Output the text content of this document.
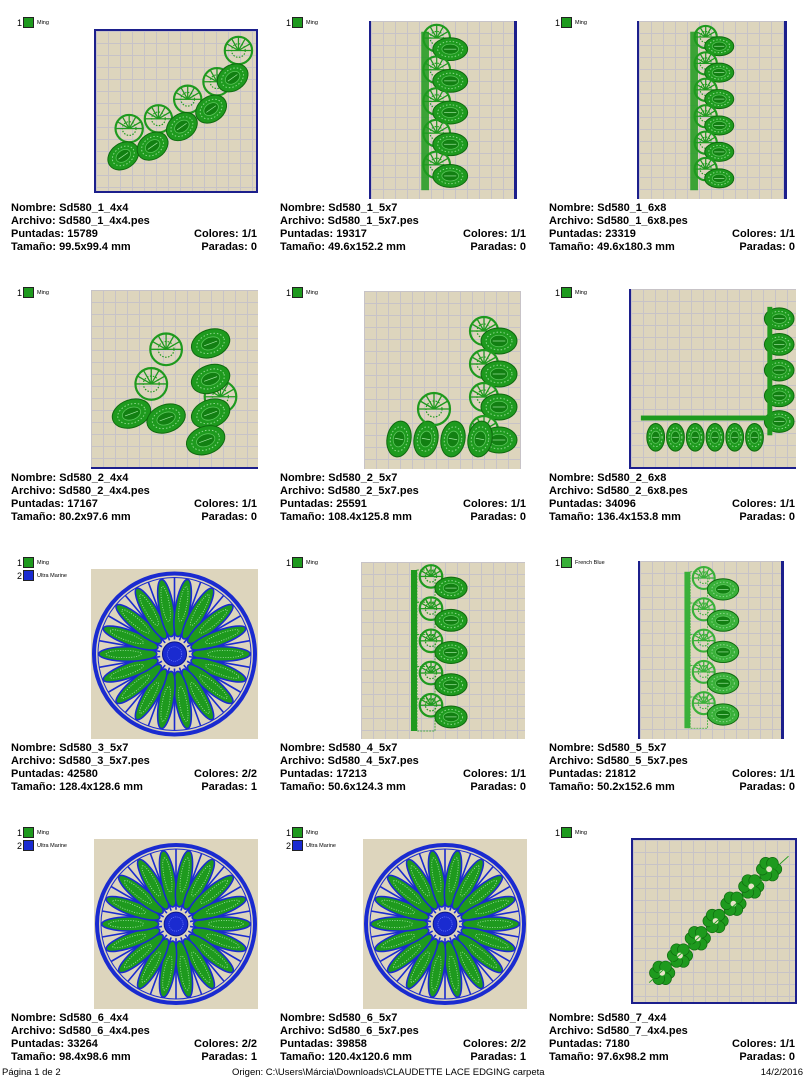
1	Ming
Nombre: Sd580_1_4x4
Archivo: Sd580_1_4x4.pes
Puntadas: 15789	Colores: 1/1
Tamaño: 99.5x99.4 mm	Paradas: 0
1	Ming
Nombre: Sd580_1_5x7
Archivo: Sd580_1_5x7.pes
Puntadas: 19317	Colores: 1/1
Tamaño: 49.6x152.2 mm	Paradas: 0
1	Ming
Nombre: Sd580_1_6x8
Archivo: Sd580_1_6x8.pes
Puntadas: 23319	Colores: 1/1
Tamaño: 49.6x180.3 mm	Paradas: 0
1	Ming
Nombre: Sd580_2_4x4
Archivo: Sd580_2_4x4.pes
Puntadas: 17167	Colores: 1/1
Tamaño: 80.2x97.6 mm	Paradas: 0
1	Ming
Nombre: Sd580_2_5x7
Archivo: Sd580_2_5x7.pes
Puntadas: 25591	Colores: 1/1
Tamaño: 108.4x125.8 mm	Paradas: 0
1	Ming
Nombre: Sd580_2_6x8
Archivo: Sd580_2_6x8.pes
Puntadas: 34096	Colores: 1/1
Tamaño: 136.4x153.8 mm	Paradas: 0
1	Ming
2	Ultra Marine
Nombre: Sd580_3_5x7
Archivo: Sd580_3_5x7.pes
Puntadas: 42580	Colores: 2/2
Tamaño: 128.4x128.6 mm	Paradas: 1
1	Ming
Nombre: Sd580_4_5x7
Archivo: Sd580_4_5x7.pes
Puntadas: 17213	Colores: 1/1
Tamaño: 50.6x124.3 mm	Paradas: 0
1	French Blue
Nombre: Sd580_5_5x7
Archivo: Sd580_5_5x7.pes
Puntadas: 21812	Colores: 1/1
Tamaño: 50.2x152.6 mm	Paradas: 0
1	Ming
2	Ultra Marine
Nombre: Sd580_6_4x4
Archivo: Sd580_6_4x4.pes
Puntadas: 33264	Colores: 2/2
Tamaño: 98.4x98.6 mm	Paradas: 1
1	Ming
2	Ultra Marine
Nombre: Sd580_6_5x7
Archivo: Sd580_6_5x7.pes
Puntadas: 39858	Colores: 2/2
Tamaño: 120.4x120.6 mm	Paradas: 1
1	Ming
Nombre: Sd580_7_4x4
Archivo: Sd580_7_4x4.pes
Puntadas: 7180	Colores: 1/1
Tamaño: 97.6x98.2 mm	Paradas: 0
Página 1 de 2	Origen: C:\Users\Márcia\Downloads\CLAUDETTE LACE EDGING carpeta	14/2/2016
